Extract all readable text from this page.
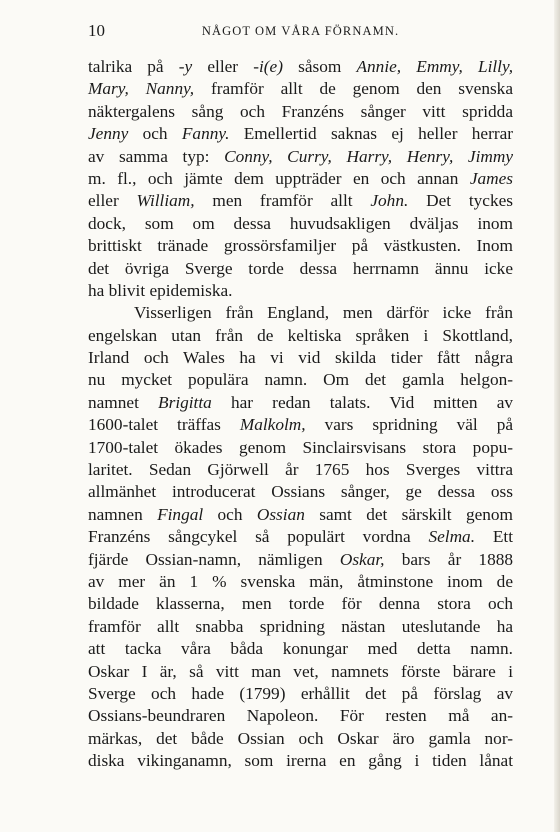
10	NÅGOT OM VÅRA FÖRNAMN.
talrika på -y eller -i(e) såsom Annie, Emmy, Lilly,
Mary, Nanny, framför allt de genom den svenska
näktergalens sång och Franzéns sånger vitt spridda
Jenny och Fanny. Emellertid saknas ej heller herrar
av samma typ: Conny, Curry, Harry, Henry, Jimmy
m. fl., och jämte dem uppträder en och annan James
eller William, men framför allt John. Det tyckes
dock, som om dessa huvudsakligen dväljas inom
brittiskt tränade grossörsfamiljer på västkusten. Inom
det övriga Sverge torde dessa herrnamn ännu icke
ha blivit epidemiska.
Visserligen från England, men därför icke från
engelskan utan från de keltiska språken i Skottland,
Irland och Wales ha vi vid skilda tider fått några
nu mycket populära namn. Om det gamla helgon-
namnet Brigitta har redan talats. Vid mitten av
1600-talet träffas Malkolm, vars spridning väl på
1700-talet ökades genom Sinclairsvisans stora popu-
laritet. Sedan Gjörwell år 1765 hos Sverges vittra
allmänhet introducerat Ossians sånger, ge dessa oss
namnen Fingal och Ossian samt det särskilt genom
Franzéns sångcykel så populärt vordna Selma. Ett
fjärde Ossian-namn, nämligen Oskar, bars år 1888
av mer än 1 % svenska män, åtminstone inom de
bildade klasserna, men torde för denna stora och
framför allt snabba spridning nästan uteslutande ha
att tacka våra båda konungar med detta namn.
Oskar I är, så vitt man vet, namnets förste bärare i
Sverge och hade (1799) erhållit det på förslag av
Ossians-beundraren Napoleon. För resten må an-
märkas, det både Ossian och Oskar äro gamla nor-
diska vikinganamn, som irerna en gång i tiden lånat
